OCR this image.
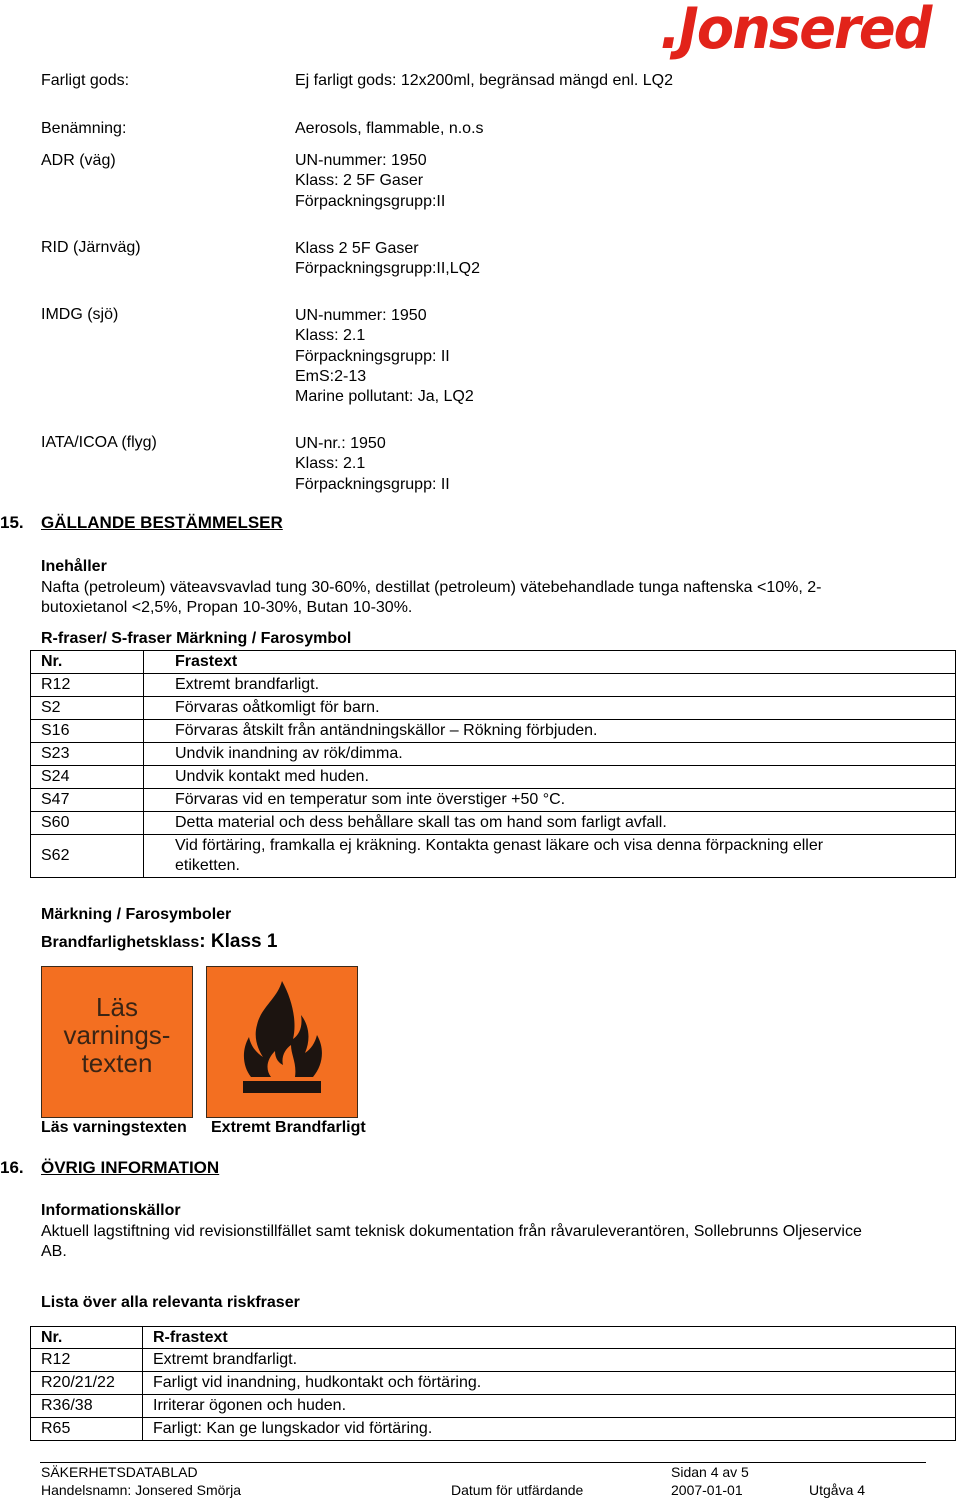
.Jonsered
Farligt gods:	Ej farligt gods: 12x200ml, begränsad mängd enl. LQ2
Benämning:	Aerosols, flammable, n.o.s
ADR (väg)	UN-nummer: 1950
Klass: 2 5F Gaser
Förpackningsgrupp:II
RID (Järnväg)	Klass 2 5F Gaser
Förpackningsgrupp:II,LQ2
IMDG (sjö)	UN-nummer: 1950
Klass: 2.1
Förpackningsgrupp: II
EmS:2-13
Marine pollutant: Ja, LQ2
IATA/ICOA (flyg)	UN-nr.: 1950
Klass: 2.1
Förpackningsgrupp: II
15. GÄLLANDE BESTÄMMELSER
Inehåller
Nafta (petroleum) väteavsvavlad tung 30-60%, destillat (petroleum) vätebehandlade tunga naftenska <10%, 2-
butoxietanol <2,5%, Propan 10-30%, Butan 10-30%.
R-fraser/ S-fraser Märkning / Farosymbol
Nr.	Frastext
R12	Extremt brandfarligt.
S2	Förvaras oåtkomligt för barn.
S16	Förvaras åtskilt från antändningskällor – Rökning förbjuden.
S23	Undvik inandning av rök/dimma.
S24	Undvik kontakt med huden.
S47	Förvaras vid en temperatur som inte överstiger +50 °C.
S60	Detta material och dess behållare skall tas om hand som farligt avfall.
S62	Vid förtäring, framkalla ej kräkning. Kontakta genast läkare och visa denna förpackning eller
etiketten.
Märkning / Farosymboler
Brandfarlighetsklass: Klass 1
Läs
varnings-
texten
Läs varningstexten Extremt Brandfarligt
16. ÖVRIG INFORMATION
Informationskällor
Aktuell lagstiftning vid revisionstillfället samt teknisk dokumentation från råvaruleverantören, Sollebrunns Oljeservice
AB.
Lista över alla relevanta riskfraser
Nr.	R-frastext
R12	Extremt brandfarligt.
R20/21/22	Farligt vid inandning, hudkontakt och förtäring.
R36/38	Irriterar ögonen och huden.
R65	Farligt: Kan ge lungskador vid förtäring.
SÄKERHETSDATABLAD	Sidan 4 av 5
Handelsnamn: Jonsered Smörja	Datum för utfärdande	2007-01-01	Utgåva 4
